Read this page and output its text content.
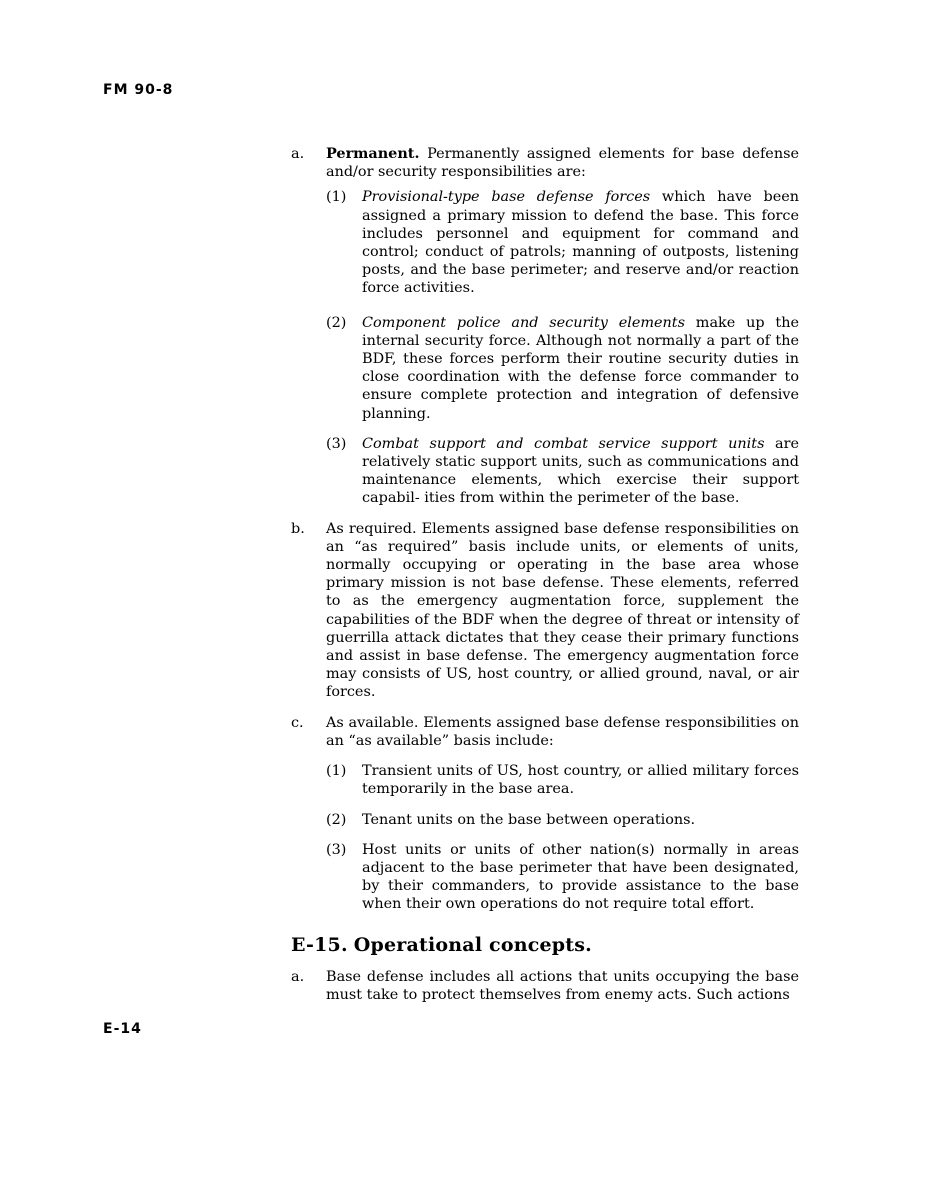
FM 90-8
a. Permanent. Permanently assigned elements for base defense and/or security responsibilities are:
(1) Provisional-type base defense forces which have been assigned a primary mission to defend the base. This force includes personnel and equipment for command and control; conduct of patrols; manning of outposts, listening posts, and the base perimeter; and reserve and/or reaction force activities.
(2) Component police and security elements make up the internal security force. Although not normally a part of the BDF, these forces perform their routine security duties in close coordination with the defense force commander to ensure complete protection and integration of defensive planning.
(3) Combat support and combat service support units are relatively static support units, such as communications and maintenance elements, which exercise their support capabil- ities from within the perimeter of the base.
b. As required. Elements assigned base defense responsibilities on an “as required” basis include units, or elements of units, normally occupying or operating in the base area whose primary mission is not base defense. These elements, referred to as the emergency augmentation force, supplement the capabilities of the BDF when the degree of threat or intensity of guerrilla attack dictates that they cease their primary functions and assist in base defense. The emergency augmentation force may consists of US, host country, or allied ground, naval, or air forces.
c. As available. Elements assigned base defense responsibilities on an “as available” basis include:
(1) Transient units of US, host country, or allied military forces temporarily in the base area.
(2) Tenant units on the base between operations.
(3) Host units or units of other nation(s) normally in areas adjacent to the base perimeter that have been designated, by their commanders, to provide assistance to the base when their own operations do not require total effort.
E-15. Operational concepts.
a. Base defense includes all actions that units occupying the base must take to protect themselves from enemy acts. Such actions
E-14
